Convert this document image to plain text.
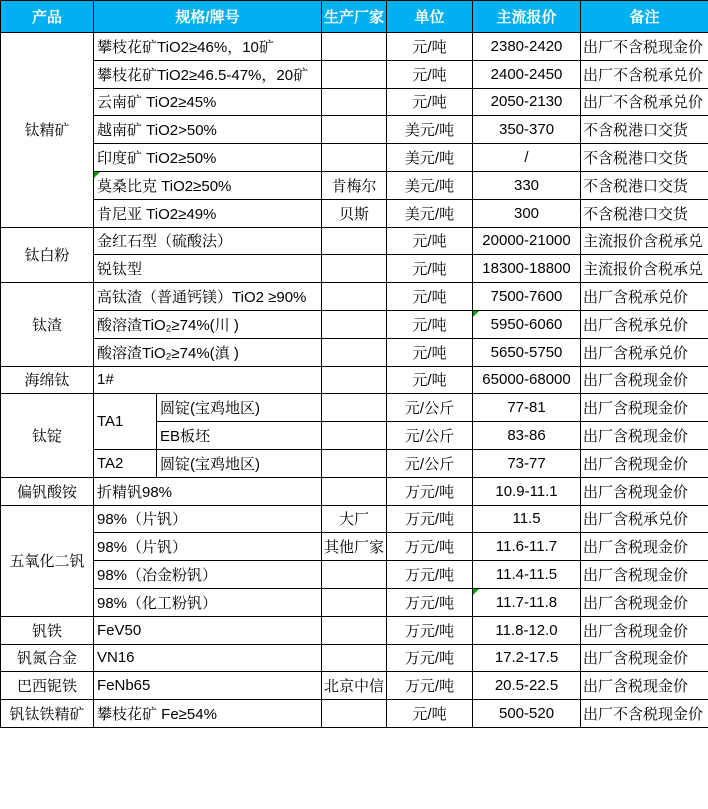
产品	规格/牌号		生产厂家	单位	主流报价	备注
钛精矿	攀枝花矿TiO2≥46%，10矿			元/吨	2380-2420	出厂不含税现金价
	攀枝花矿TiO2≥46.5-47%，20矿			元/吨	2400-2450	出厂不含税承兑价
	云南矿 TiO2≥45%			元/吨	2050-2130	出厂不含税承兑价
	越南矿 TiO2>50%			美元/吨	350-370	不含税港口交货
	印度矿 TiO2≥50%			美元/吨	/	不含税港口交货
	莫桑比克 TiO2≥50%		肯梅尔	美元/吨	330	不含税港口交货
	肯尼亚 TiO2≥49%		贝斯	美元/吨	300	不含税港口交货
钛白粉	金红石型（硫酸法）			元/吨	20000-21000	主流报价含税承兑
	锐钛型			元/吨	18300-18800	主流报价含税承兑
钛渣	高钛渣（普通钙镁）TiO2 ≥90%			元/吨	7500-7600	出厂含税承兑价
	酸溶渣TiO₂≥74%(川 )			元/吨	5950-6060	出厂含税承兑价
	酸溶渣TiO₂≥74%(滇 )			元/吨	5650-5750	出厂含税承兑价
海绵钛	1#			元/吨	65000-68000	出厂含税现金价
钛锭	TA1	圆锭(宝鸡地区)		元/公斤	77-81	出厂含税现金价
		EB板坯		元/公斤	83-86	出厂含税现金价
	TA2	圆锭(宝鸡地区)		元/公斤	73-77	出厂含税现金价
偏钒酸铵	折精钒98%			万元/吨	10.9-11.1	出厂含税现金价
五氧化二钒	98%（片钒）		大厂	万元/吨	11.5	出厂含税承兑价
	98%（片钒）		其他厂家	万元/吨	11.6-11.7	出厂含税现金价
	98%（冶金粉钒）			万元/吨	11.4-11.5	出厂含税现金价
	98%（化工粉钒）			万元/吨	11.7-11.8	出厂含税现金价
钒铁	FeV50			万元/吨	11.8-12.0	出厂含税现金价
钒氮合金	VN16			万元/吨	17.2-17.5	出厂含税现金价
巴西铌铁	FeNb65		北京中信	万元/吨	20.5-22.5	出厂含税现金价
钒钛铁精矿	攀枝花矿 Fe≥54%			元/吨	500-520	出厂不含税现金价
